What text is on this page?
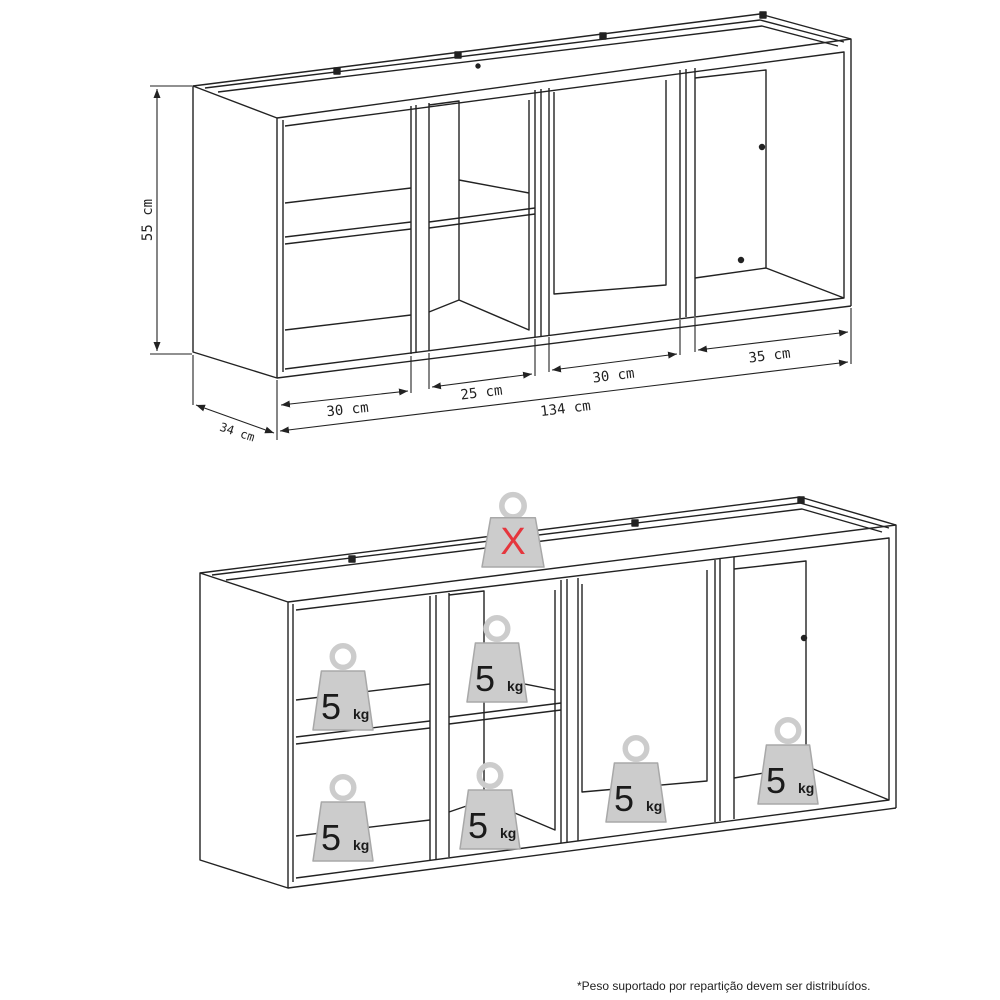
55 cm
34 cm
30 cm
25 cm
30 cm
35 cm
134 cm
X
5 kg
5 kg
5 kg	5 kg
5 kg
5 kg
*Peso suportado por repartição devem ser distribuídos.
